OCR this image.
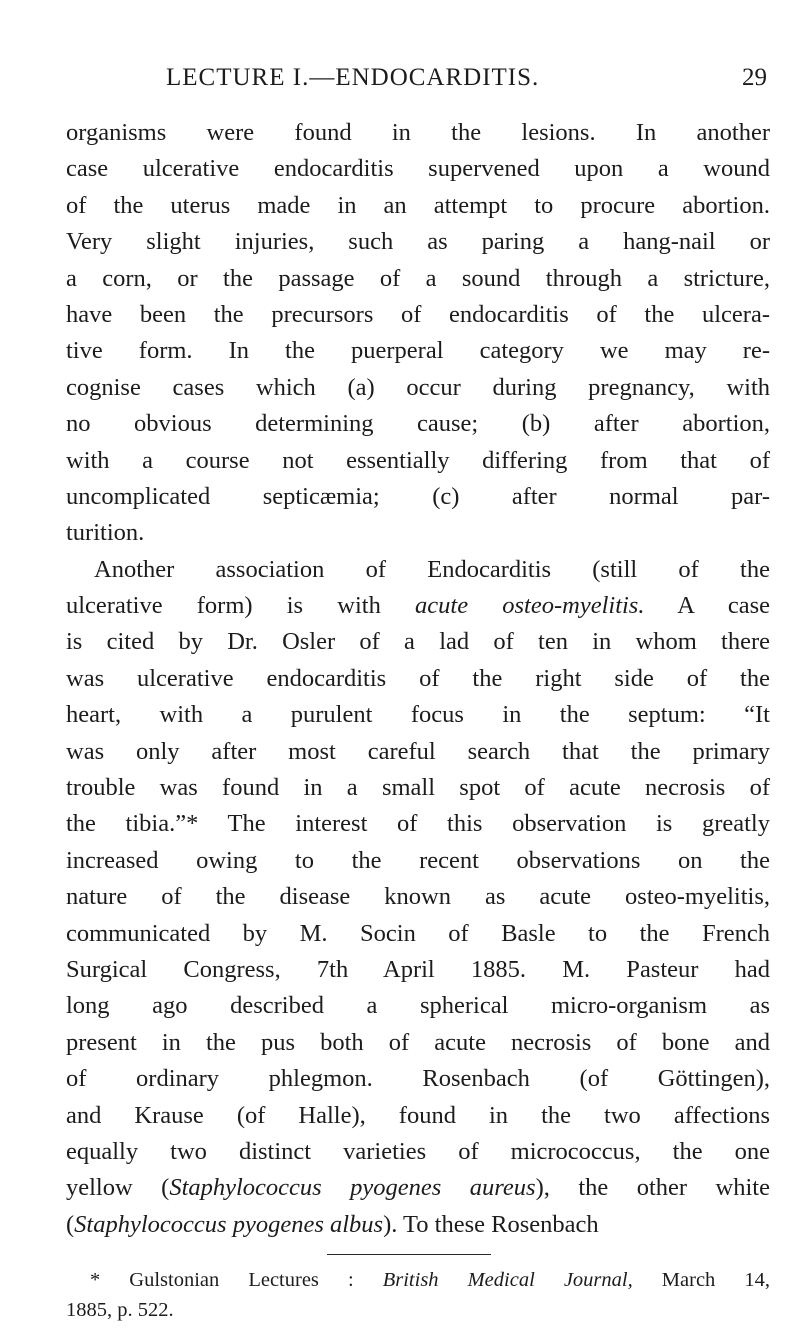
LECTURE I.—ENDOCARDITIS.	29
organisms were found in the lesions. In another
case ulcerative endocarditis supervened upon a wound
of the uterus made in an attempt to procure abortion.
Very slight injuries, such as paring a hang-nail or
a corn, or the passage of a sound through a stricture,
have been the precursors of endocarditis of the ulcera-
tive form. In the puerperal category we may re-
cognise cases which (a) occur during pregnancy, with
no obvious determining cause; (b) after abortion,
with a course not essentially differing from that of
uncomplicated septicæmia; (c) after normal par-
turition.
Another association of Endocarditis (still of the
ulcerative form) is with acute osteo-myelitis. A case
is cited by Dr. Osler of a lad of ten in whom there
was ulcerative endocarditis of the right side of the
heart, with a purulent focus in the septum: “It
was only after most careful search that the primary
trouble was found in a small spot of acute necrosis of
the tibia.”* The interest of this observation is greatly
increased owing to the recent observations on the
nature of the disease known as acute osteo-myelitis,
communicated by M. Socin of Basle to the French
Surgical Congress, 7th April 1885. M. Pasteur had
long ago described a spherical micro-organism as
present in the pus both of acute necrosis of bone and
of ordinary phlegmon. Rosenbach (of Göttingen),
and Krause (of Halle), found in the two affections
equally two distinct varieties of micrococcus, the one
yellow (Staphylococcus pyogenes aureus), the other white
(Staphylococcus pyogenes albus). To these Rosenbach
* Gulstonian Lectures : British Medical Journal, March 14,
1885, p. 522.
